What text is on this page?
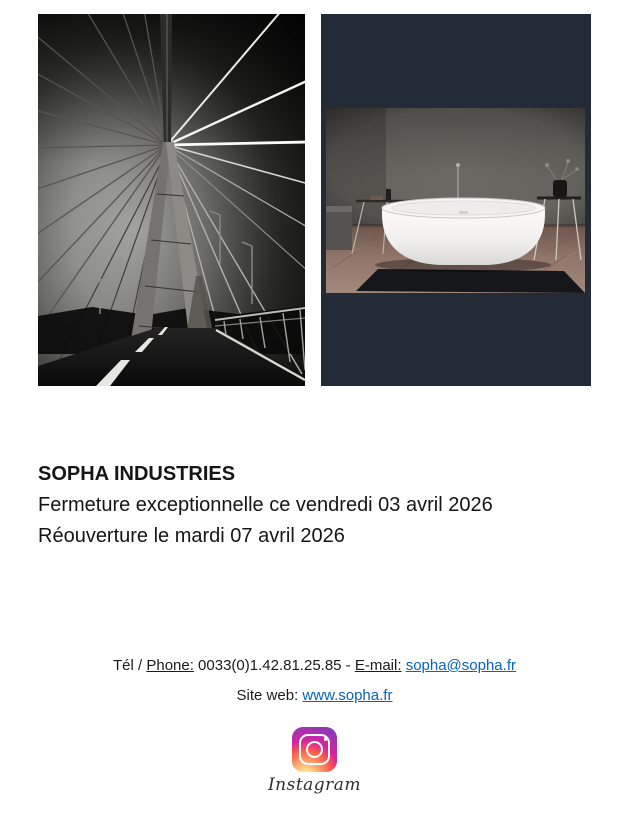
SOPHA INDUSTRIES
Fermeture exceptionnelle ce vendredi 03 avril 2026
Réouverture le mardi 07 avril 2026
Tél / Phone: 0033(0)1.42.81.25.85 - E-mail: sopha@sopha.fr
Site web: www.sopha.fr
Instagram
